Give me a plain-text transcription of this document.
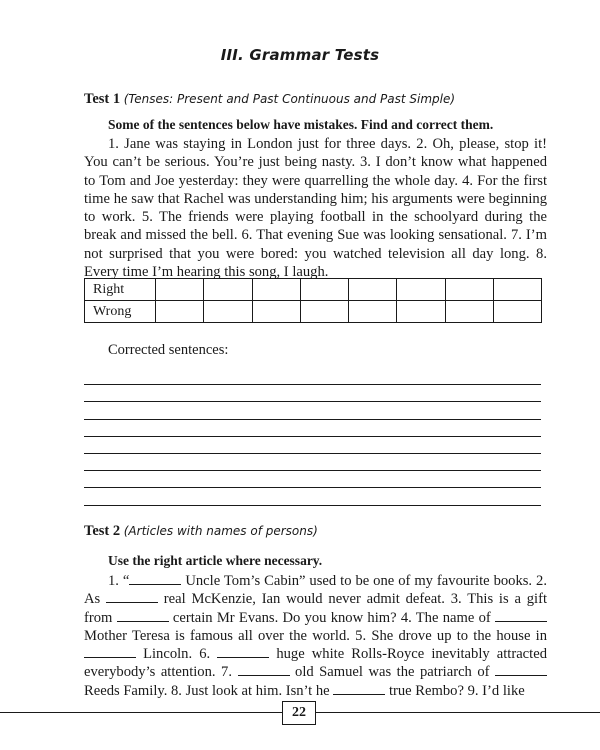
III. Grammar Tests
Test 1 (Tenses: Present and Past Continuous and Past Simple)
Some of the sentences below have mistakes. Find and correct them.
1. Jane was staying in London just for three days. 2. Oh, please, stop it! You can’t be serious. You’re just being nasty. 3. I don’t know what happened to Tom and Joe yesterday: they were quarrelling the whole day. 4. For the first time he saw that Rachel was understanding him; his arguments were beginning to work. 5. The friends were playing football in the schoolyard during the break and missed the bell. 6. That evening Sue was looking sensational. 7. I’m not surprised that you were bored: you watched television all day long. 8. Every time I’m hearing this song, I laugh.
Right								
Wrong								
Corrected sentences:
Test 2 (Articles with names of persons)
Use the right article where necessary.
1. “	Uncle Tom’s Cabin” used to be one of my favourite books. 2. As	real McKenzie, Ian would never admit defeat. 3. This is a gift from	certain Mr Evans. Do you know him? 4. The name of  Mother Teresa is famous all over the world. 5. She drove up to the house in  Lincoln. 6.	huge white Rolls-Royce inevitably attracted everybody’s attention. 7.	old Samuel was the patriarch of  Reeds Family. 8. Just look at him. Isn’t he	true Rembo? 9. I’d like
22
